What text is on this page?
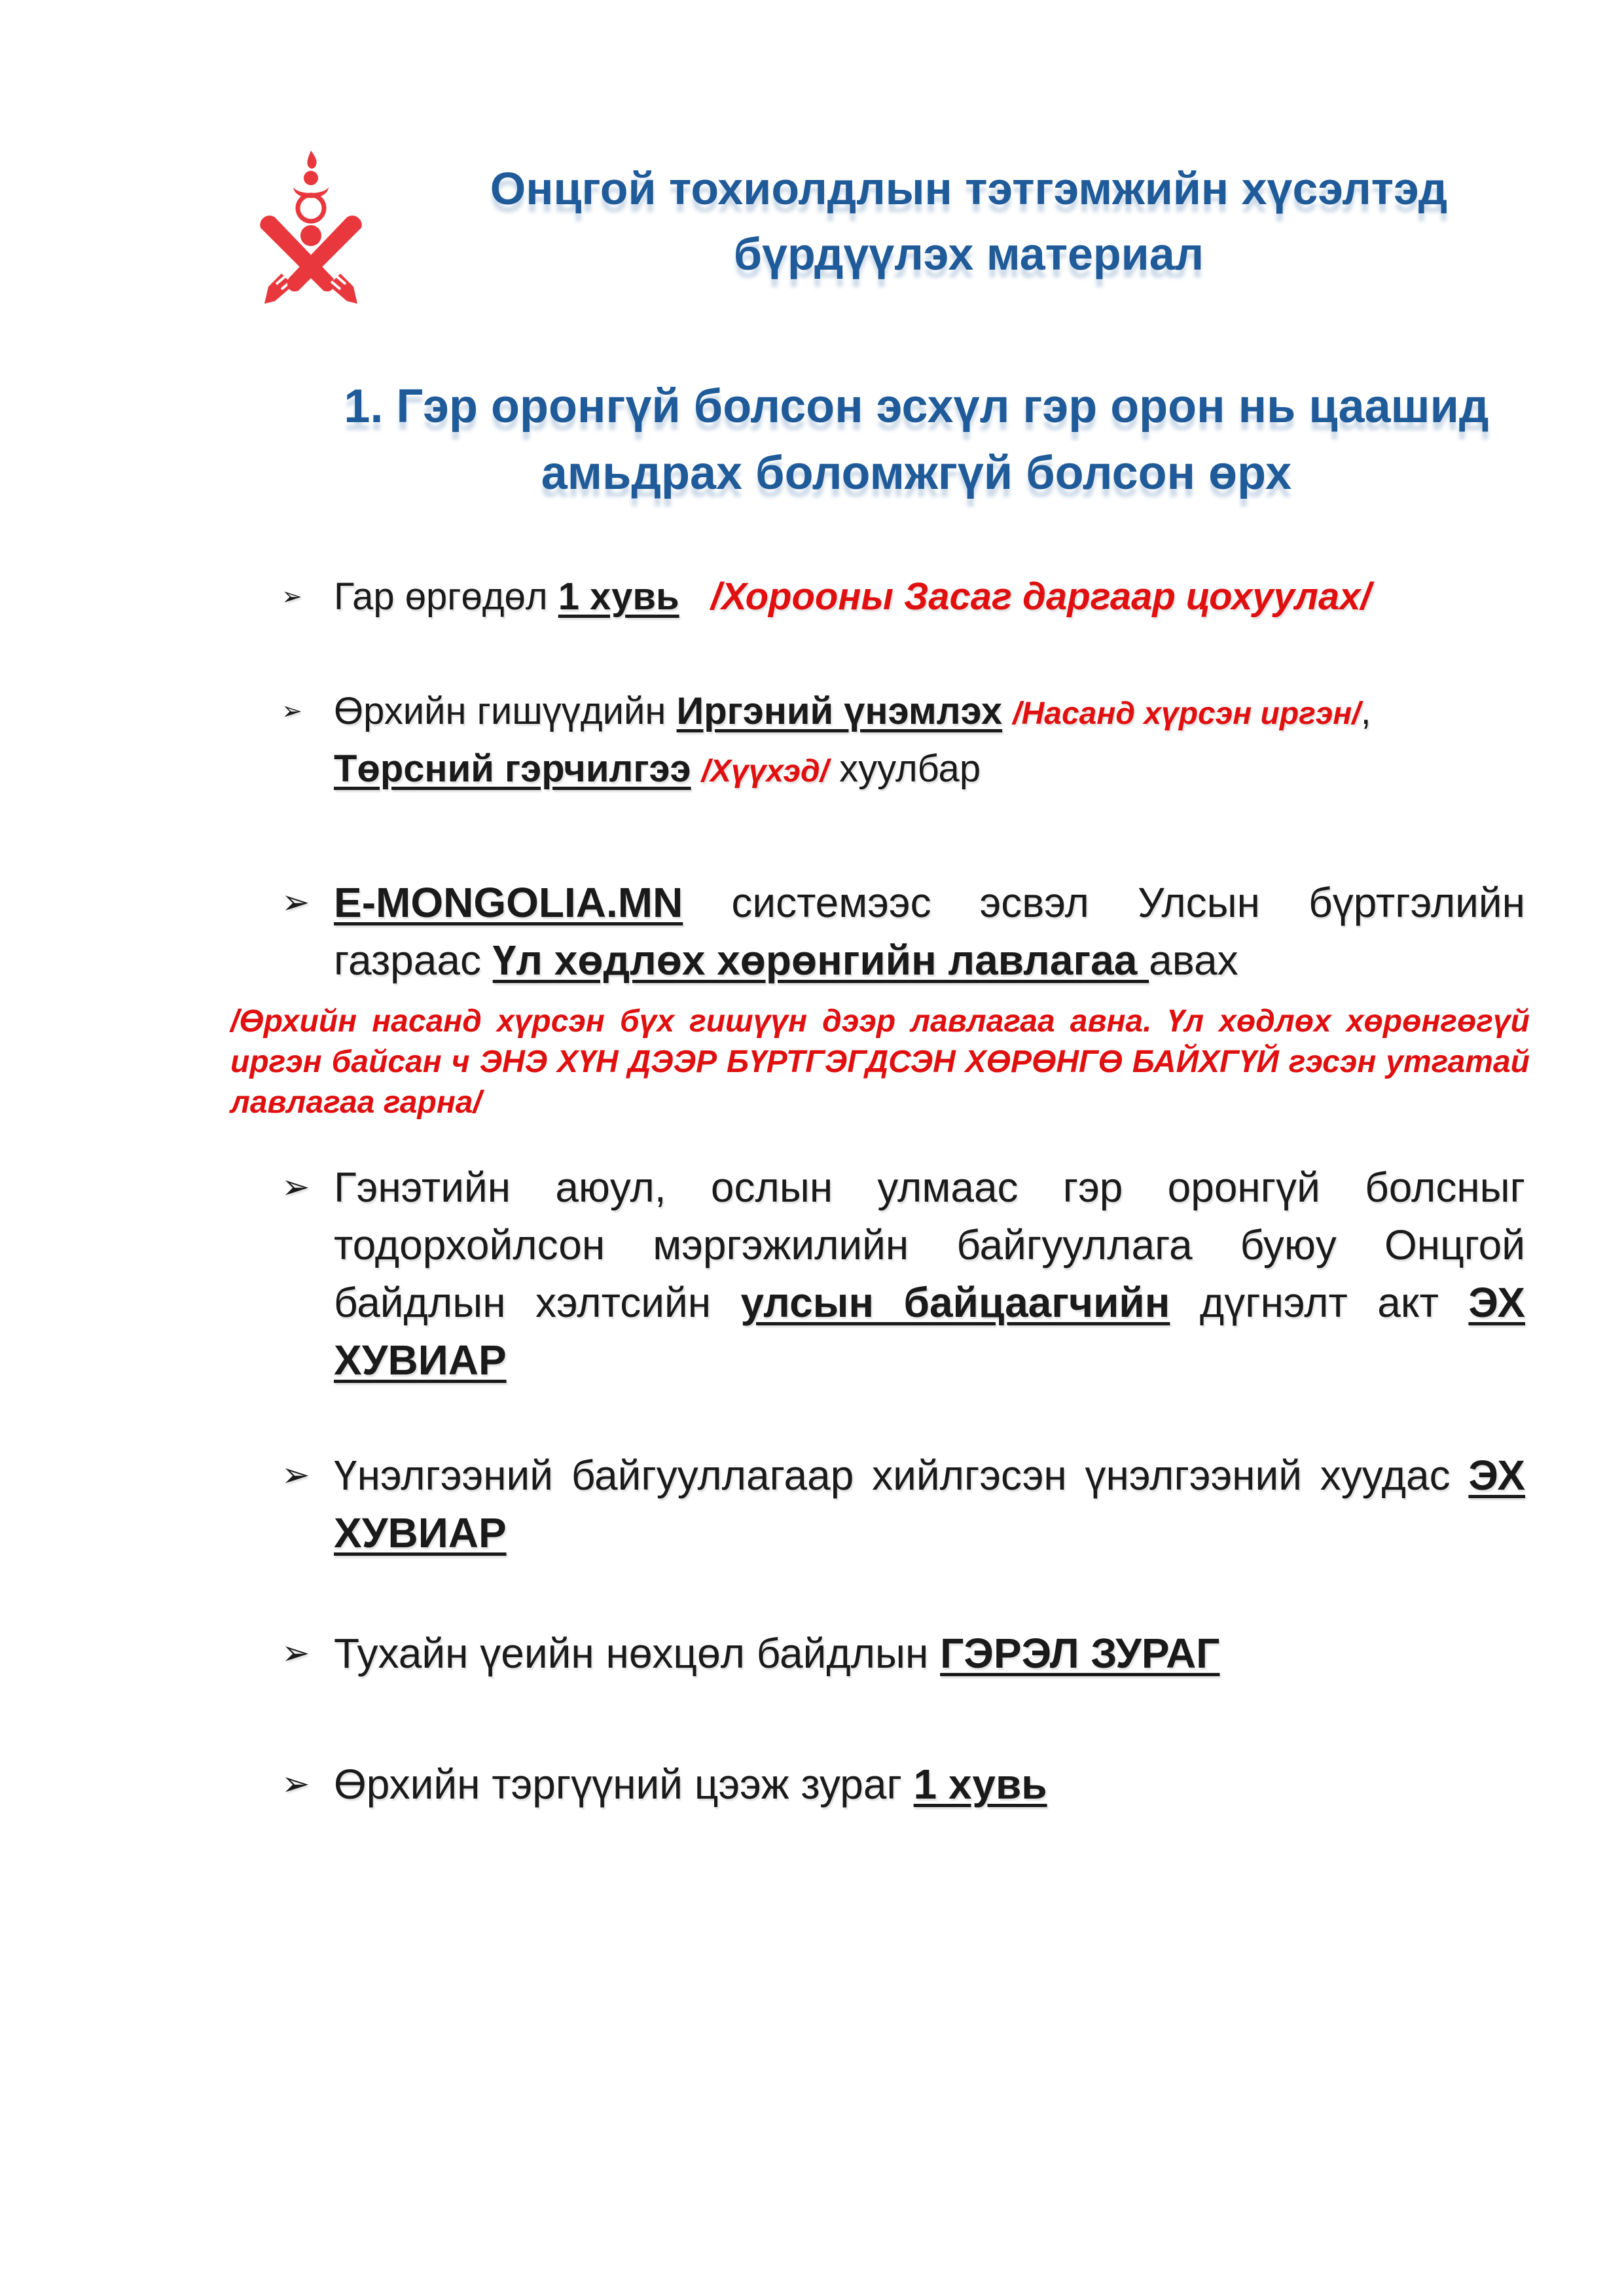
Онцгой тохиолдлын тэтгэмжийн хүсэлтэд
бүрдүүлэх материал
1. Гэр оронгүй болсон эсхүл гэр орон нь цаашид
амьдрах боломжгүй болсон өрх
➢ Гар өргөдөл 1 хувь /Хорооны Засаг даргаар цохуулах/
➢ Өрхийн гишүүдийн Иргэний үнэмлэх /Насанд хүрсэн иргэн/,
Төрсний гэрчилгээ /Хүүхэд/ хуулбар
➢ E-MONGOLIA.MN системээс эсвэл Улсын бүртгэлийн газраас Үл хөдлөх хөрөнгийн лавлагаа авах
/Өрхийн насанд хүрсэн бүх гишүүн дээр лавлагаа авна. Үл хөдлөх хөрөнгөгүй иргэн байсан ч ЭНЭ ХҮН ДЭЭР БҮРТГЭГДСЭН ХӨРӨНГӨ БАЙХГҮЙ гэсэн утгатай лавлагаа гарна/
➢ Гэнэтийн аюул, ослын улмаас гэр оронгүй болсныг тодорхойлсон мэргэжилийн байгууллага буюу Онцгой байдлын хэлтсийн улсын байцаагчийн дүгнэлт акт ЭХ ХУВИАР
➢ Үнэлгээний байгууллагаар хийлгэсэн үнэлгээний хуудас ЭХ ХУВИАР
➢ Тухайн үеийн нөхцөл байдлын ГЭРЭЛ ЗУРАГ
➢ Өрхийн тэргүүний цээж зураг 1 хувь
